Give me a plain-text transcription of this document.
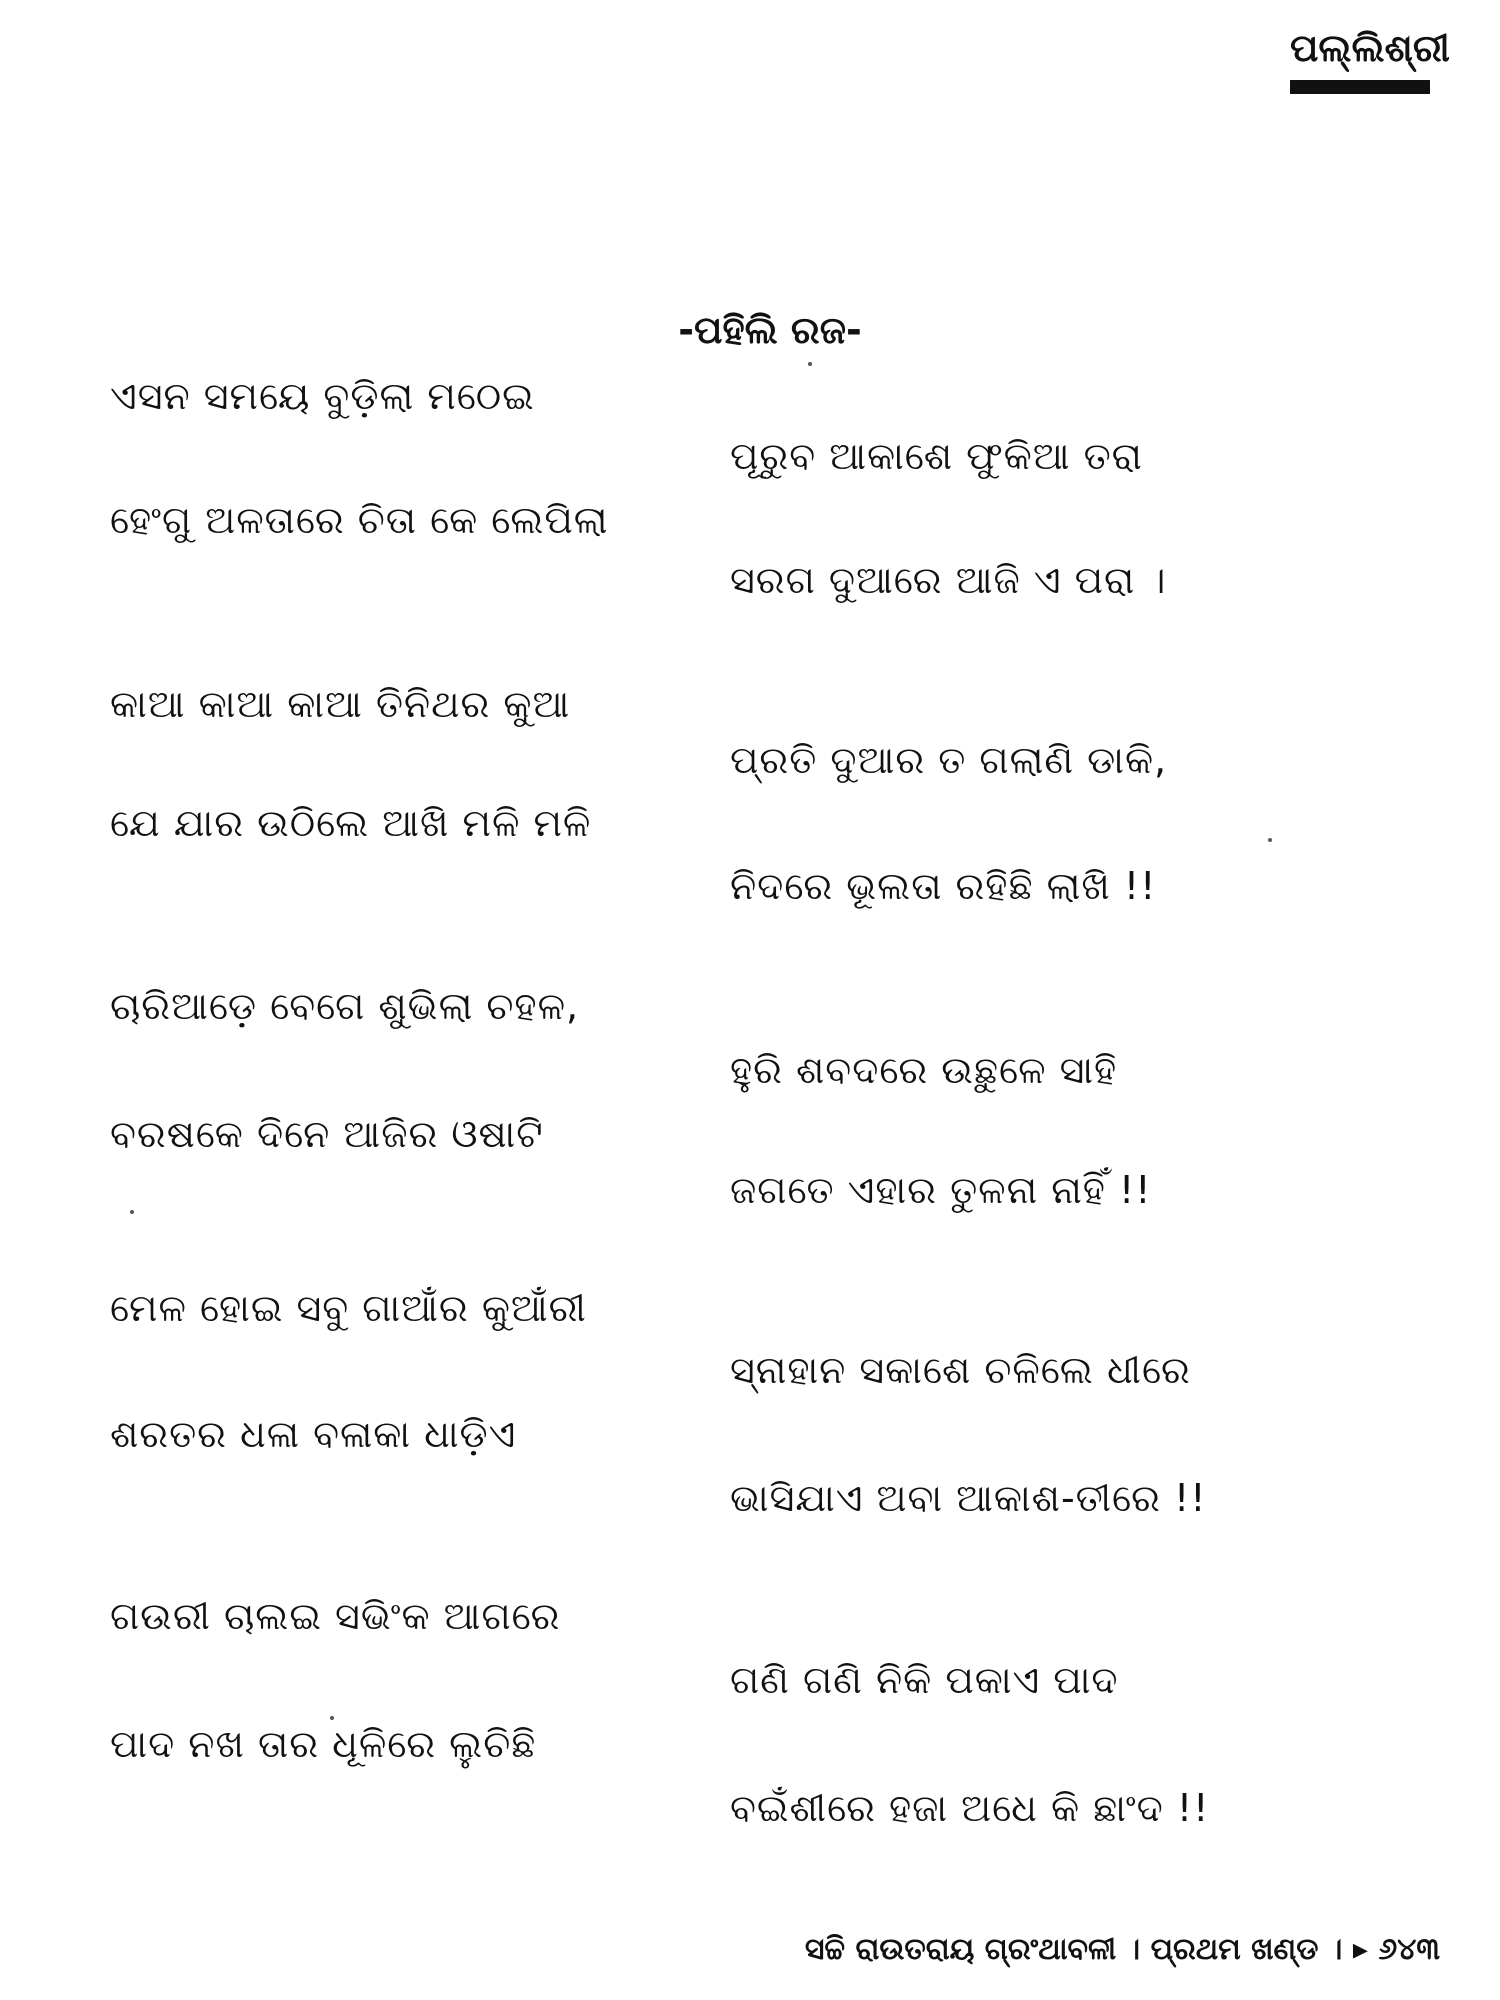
ପଲ୍ଲିଶ୍ରୀ
-ପହିଲି ରଜ-
ଏସନ ସମୟେ ବୁଡ଼ିଲା ମଠେଇ
ପୂରୁବ ଆକାଶେ ଫୁକିଆ ତରା
ହେଂଗୁ ଅଳତାରେ ଚିତା କେ ଲେପିଲା
ସରଗ ଦୁଆରେ ଆଜି ଏ ପରା ।
କାଆ କାଆ କାଆ ତିନିଥର କୁଆ
ପ୍ରତି ଦୁଆର ତ ଗଲାଣି ଡାକି,
ଯେ ଯାର ଉଠିଲେ ଆଖି ମଳି ମଳି
ନିଦରେ ଭୂଲତା ରହିଛି ଲାଖି !!
ଚାରିଆଡ଼େ ବେଗେ ଶୁଭିଲା ଚହଳ,
ହୁରି ଶବଦରେ ଉଛୁଳେ ସାହି
ବରଷକେ ଦିନେ ଆଜିର ଓଷାଟି
ଜଗତେ ଏହାର ତୁଳନା ନାହିଁ !!
ମେଳ ହୋଇ ସବୁ ଗାଆଁର କୁଆଁରୀ
ସ୍ନାହାନ ସକାଶେ ଚଳିଲେ ଧୀରେ
ଶରତର ଧଳା ବଳାକା ଧାଡ଼ିଏ
ଭାସିଯାଏ ଅବା ଆକାଶ-ତୀରେ !!
ଗଉରୀ ଚାଲଇ ସଭିଂକ ଆଗରେ
ଗଣି ଗଣି ନିକି ପକାଏ ପାଦ
ପାଦ ନଖ ତାର ଧୂଳିରେ ଲୁଚିଛି
ବଇଁଶୀରେ ହଜା ଅଧେ କି ଛାଂଦ !!
ସଚ୍ଚି ରାଉତରାୟ ଗ୍ରଂଥାବଳୀ । ପ୍ରଥମ ଖଣ୍ଡ । ▸ ୬୪୩
